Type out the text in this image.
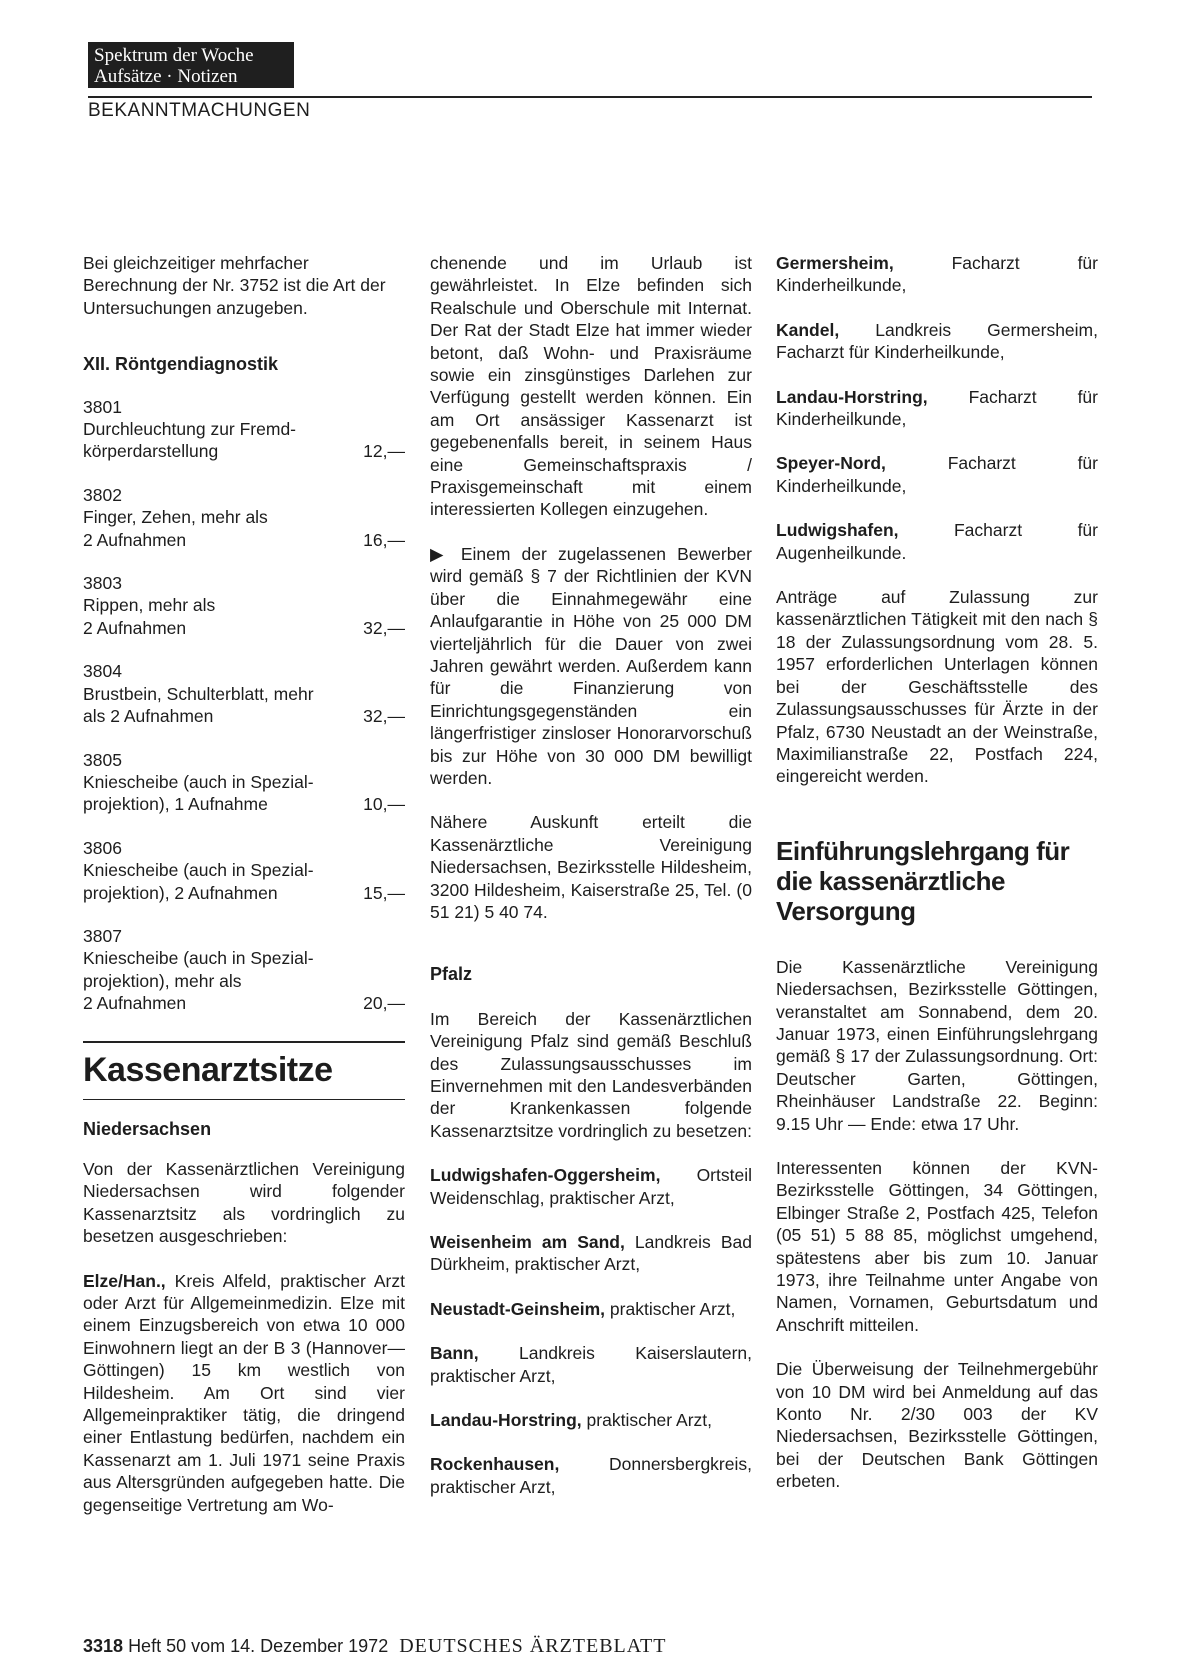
Spektrum der Woche
Aufsätze · Notizen
BEKANNTMACHUNGEN

Bei gleichzeitiger mehrfacher Berechnung der Nr. 3752 ist die Art der Untersuchungen anzugeben.

XII. Röntgendiagnostik
3801
Durchleuchtung zur Fremd-
körperdarstellung	12,—
3802
Finger, Zehen, mehr als
2 Aufnahmen	16,—
3803
Rippen, mehr als
2 Aufnahmen	32,—
3804
Brustbein, Schulterblatt, mehr
als 2 Aufnahmen	32,—
3805
Kniescheibe (auch in Spezial-
projektion), 1 Aufnahme	10,—
3806
Kniescheibe (auch in Spezial-
projektion), 2 Aufnahmen	15,—
3807
Kniescheibe (auch in Spezial-
projektion), mehr als
2 Aufnahmen	20,—
Kassenarztsitze
Niedersachsen

Von der Kassenärztlichen Vereinigung Niedersachsen wird folgender Kassenarztsitz als vordringlich zu besetzen ausgeschrieben:

Elze/Han., Kreis Alfeld, praktischer Arzt oder Arzt für Allgemeinmedizin. Elze mit einem Einzugsbereich von etwa 10 000 Einwohnern liegt an der B 3 (Hannover—Göttingen) 15 km westlich von Hildesheim. Am Ort sind vier Allgemeinpraktiker tätig, die dringend einer Entlastung bedürfen, nachdem ein Kassenarzt am 1. Juli 1971 seine Praxis aus Altersgründen aufgegeben hatte. Die gegenseitige Vertretung am Wo-

chenende und im Urlaub ist gewährleistet. In Elze befinden sich Realschule und Oberschule mit Internat. Der Rat der Stadt Elze hat immer wieder betont, daß Wohn- und Praxisräume sowie ein zinsgünstiges Darlehen zur Verfügung gestellt werden können. Ein am Ort ansässiger Kassenarzt ist gegebenenfalls bereit, in seinem Haus eine Gemeinschaftspraxis / Praxisgemeinschaft mit einem interessierten Kollegen einzugehen.

▶ Einem der zugelassenen Bewerber wird gemäß § 7 der Richtlinien der KVN über die Einnahmegewähr eine Anlaufgarantie in Höhe von 25 000 DM vierteljährlich für die Dauer von zwei Jahren gewährt werden. Außerdem kann für die Finanzierung von Einrichtungsgegenständen ein längerfristiger zinsloser Honorarvorschuß bis zur Höhe von 30 000 DM bewilligt werden.

Nähere Auskunft erteilt die Kassenärztliche Vereinigung Niedersachsen, Bezirksstelle Hildesheim, 3200 Hildesheim, Kaiserstraße 25, Tel. (0 51 21) 5 40 74.

Pfalz

Im Bereich der Kassenärztlichen Vereinigung Pfalz sind gemäß Beschluß des Zulassungsausschusses im Einvernehmen mit den Landesverbänden der Krankenkassen folgende Kassenarztsitze vordringlich zu besetzen:

Ludwigshafen-Oggersheim, Ortsteil Weidenschlag, praktischer Arzt,

Weisenheim am Sand, Landkreis Bad Dürkheim, praktischer Arzt,

Neustadt-Geinsheim, praktischer Arzt,

Bann, Landkreis Kaiserslautern, praktischer Arzt,

Landau-Horstring, praktischer Arzt,

Rockenhausen, Donnersbergkreis, praktischer Arzt,

Germersheim, Facharzt für Kinderheilkunde,

Kandel, Landkreis Germersheim, Facharzt für Kinderheilkunde,

Landau-Horstring, Facharzt für Kinderheilkunde,

Speyer-Nord, Facharzt für Kinderheilkunde,

Ludwigshafen, Facharzt für Augenheilkunde.

Anträge auf Zulassung zur kassenärztlichen Tätigkeit mit den nach § 18 der Zulassungsordnung vom 28. 5. 1957 erforderlichen Unterlagen können bei der Geschäftsstelle des Zulassungsausschusses für Ärzte in der Pfalz, 6730 Neustadt an der Weinstraße, Maximilianstraße 22, Postfach 224, eingereicht werden.

Einführungslehrgang für die kassenärztliche Versorgung

Die Kassenärztliche Vereinigung Niedersachsen, Bezirksstelle Göttingen, veranstaltet am Sonnabend, dem 20. Januar 1973, einen Einführungslehrgang gemäß § 17 der Zulassungsordnung. Ort: Deutscher Garten, Göttingen, Rheinhäuser Landstraße 22. Beginn: 9.15 Uhr — Ende: etwa 17 Uhr.

Interessenten können der KVN-Bezirksstelle Göttingen, 34 Göttingen, Elbinger Straße 2, Postfach 425, Telefon (05 51) 5 88 85, möglichst umgehend, spätestens aber bis zum 10. Januar 1973, ihre Teilnahme unter Angabe von Namen, Vornamen, Geburtsdatum und Anschrift mitteilen.

Die Überweisung der Teilnehmergebühr von 10 DM wird bei Anmeldung auf das Konto Nr. 2/30 003 der KV Niedersachsen, Bezirksstelle Göttingen, bei der Deutschen Bank Göttingen erbeten.

3318 Heft 50 vom 14. Dezember 1972 DEUTSCHES ÄRZTEBLATT
